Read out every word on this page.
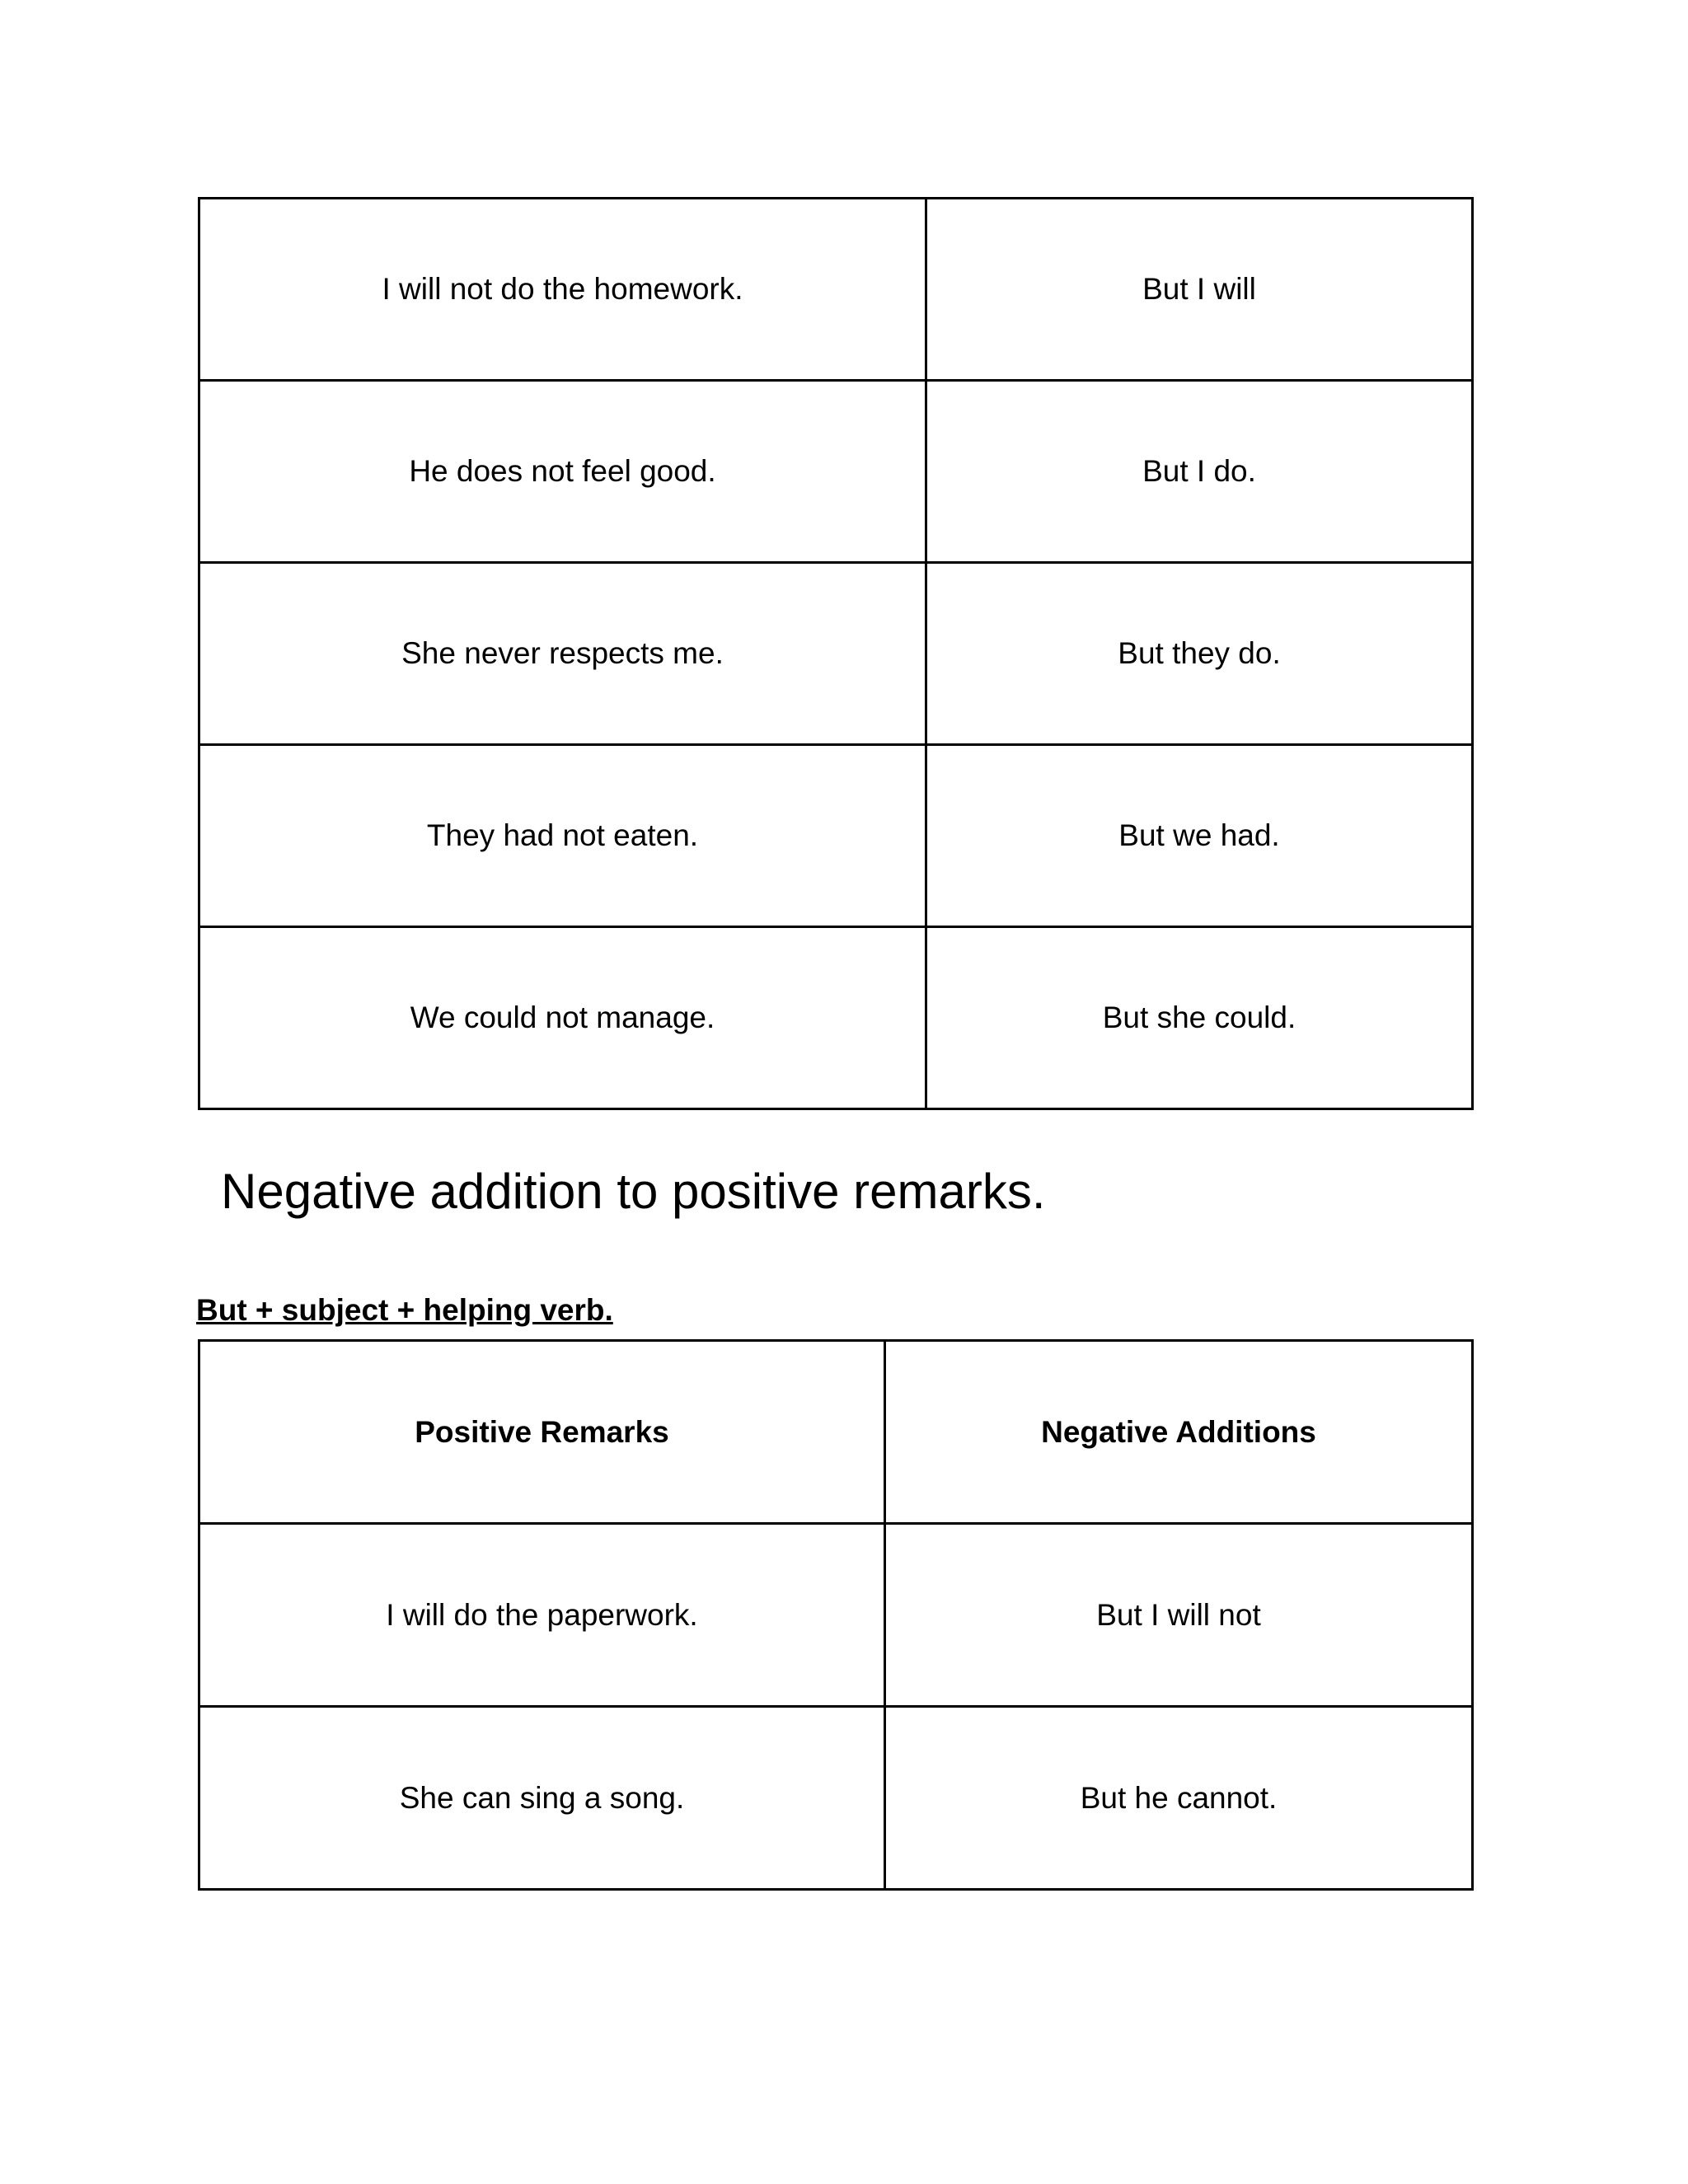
I will not do the homework.	But I will
He does not feel good.	But I do.
She never respects me.	But they do.
They had not eaten.	But we had.
We could not manage.	But she could.
Negative addition to positive remarks.

But + subject + helping verb.

Positive Remarks	Negative Additions
I will do the paperwork.	But I will not
She can sing a song.	But he cannot.
